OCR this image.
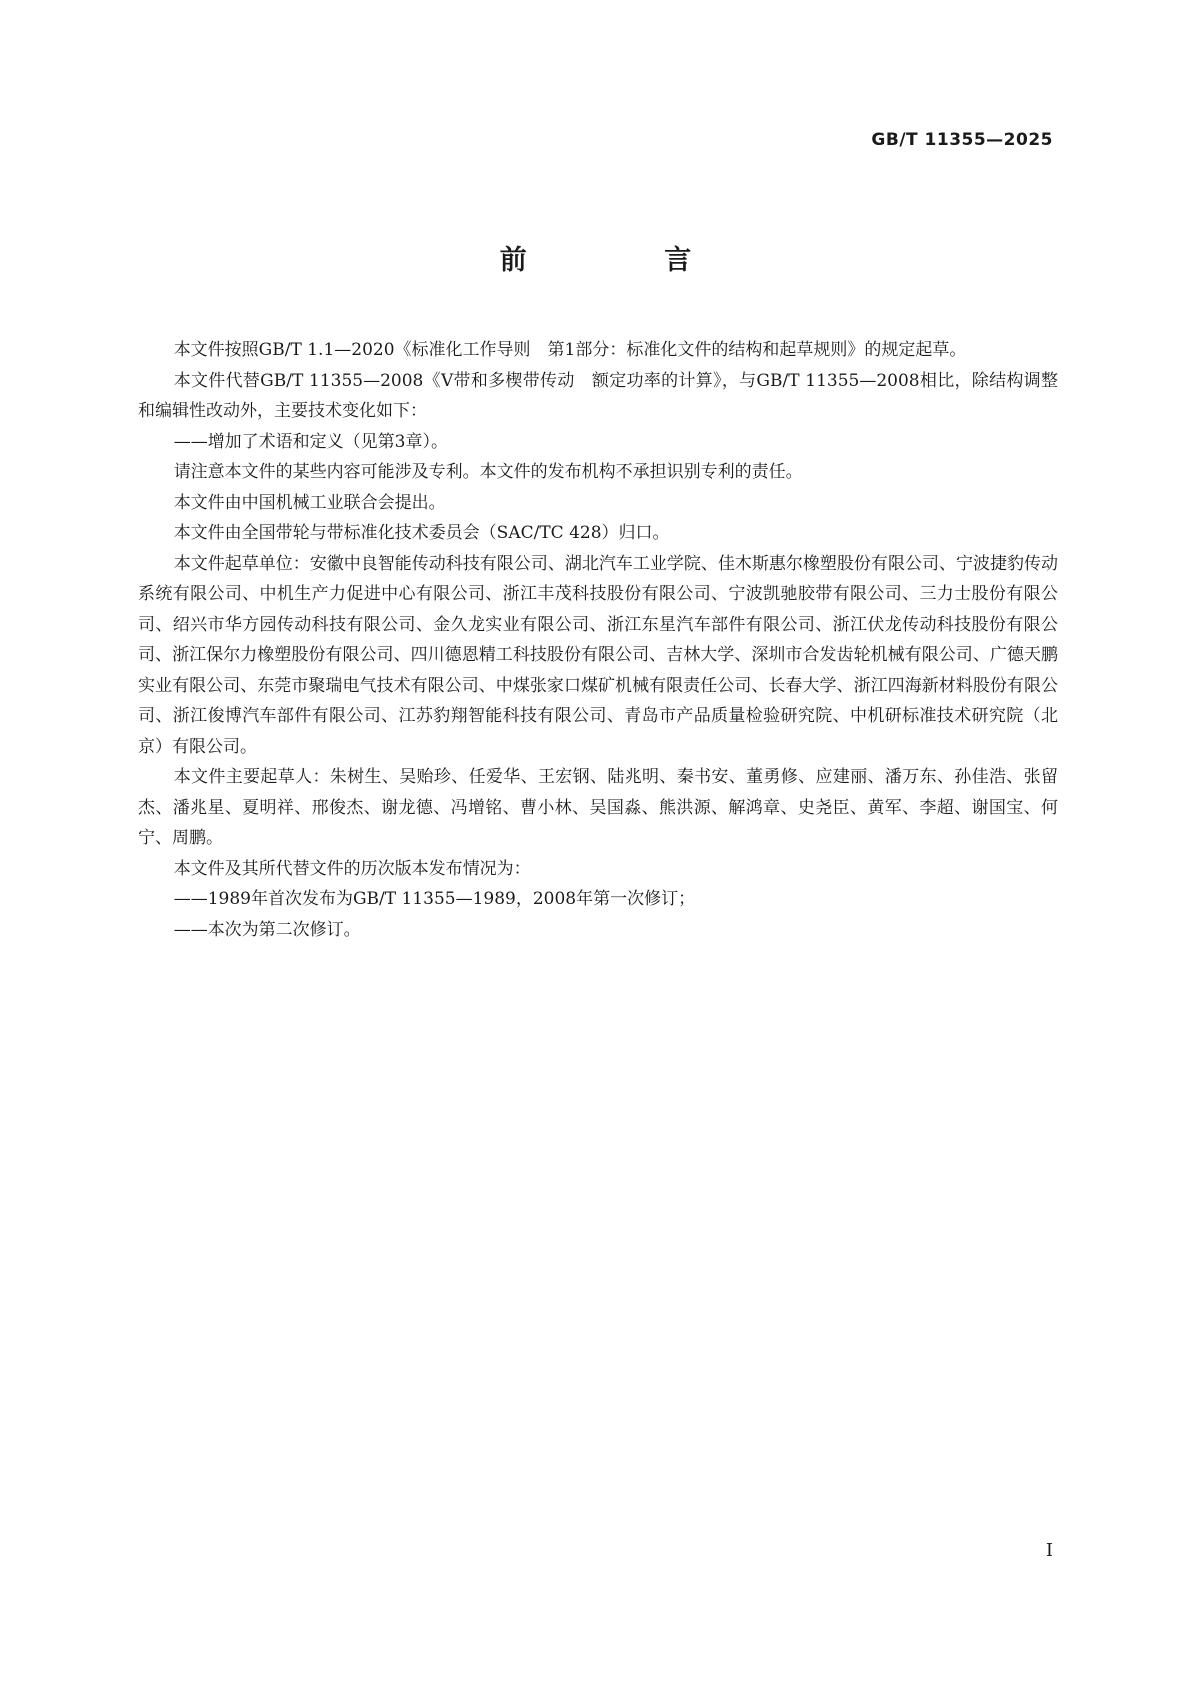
GB/T 11355—2025
前 言

本文件按照GB/T 1.1—2020《标准化工作导则　第1部分：标准化文件的结构和起草规则》的规定起草。

本文件代替GB/T 11355—2008《V带和多楔带传动　额定功率的计算》，与GB/T 11355—2008相比，除结构调整和编辑性改动外，主要技术变化如下：

——增加了术语和定义（见第3章）。

请注意本文件的某些内容可能涉及专利。本文件的发布机构不承担识别专利的责任。

本文件由中国机械工业联合会提出。

本文件由全国带轮与带标准化技术委员会（SAC/TC 428）归口。

本文件起草单位：安徽中良智能传动科技有限公司、湖北汽车工业学院、佳木斯惠尔橡塑股份有限公司、宁波捷豹传动系统有限公司、中机生产力促进中心有限公司、浙江丰茂科技股份有限公司、宁波凯驰胶带有限公司、三力士股份有限公司、绍兴市华方园传动科技有限公司、金久龙实业有限公司、浙江东星汽车部件有限公司、浙江伏龙传动科技股份有限公司、浙江保尔力橡塑股份有限公司、四川德恩精工科技股份有限公司、吉林大学、深圳市合发齿轮机械有限公司、广德天鹏实业有限公司、东莞市聚瑞电气技术有限公司、中煤张家口煤矿机械有限责任公司、长春大学、浙江四海新材料股份有限公司、浙江俊博汽车部件有限公司、江苏豹翔智能科技有限公司、青岛市产品质量检验研究院、中机研标准技术研究院（北京）有限公司。

本文件主要起草人：朱树生、吴贻珍、任爱华、王宏钢、陆兆明、秦书安、董勇修、应建丽、潘万东、孙佳浩、张留杰、潘兆星、夏明祥、邢俊杰、谢龙德、冯增铭、曹小林、吴国淼、熊洪源、解鸿章、史尧臣、黄军、李超、谢国宝、何宁、周鹏。

本文件及其所代替文件的历次版本发布情况为：

——1989年首次发布为GB/T 11355—1989，2008年第一次修订；

——本次为第二次修订。

I
